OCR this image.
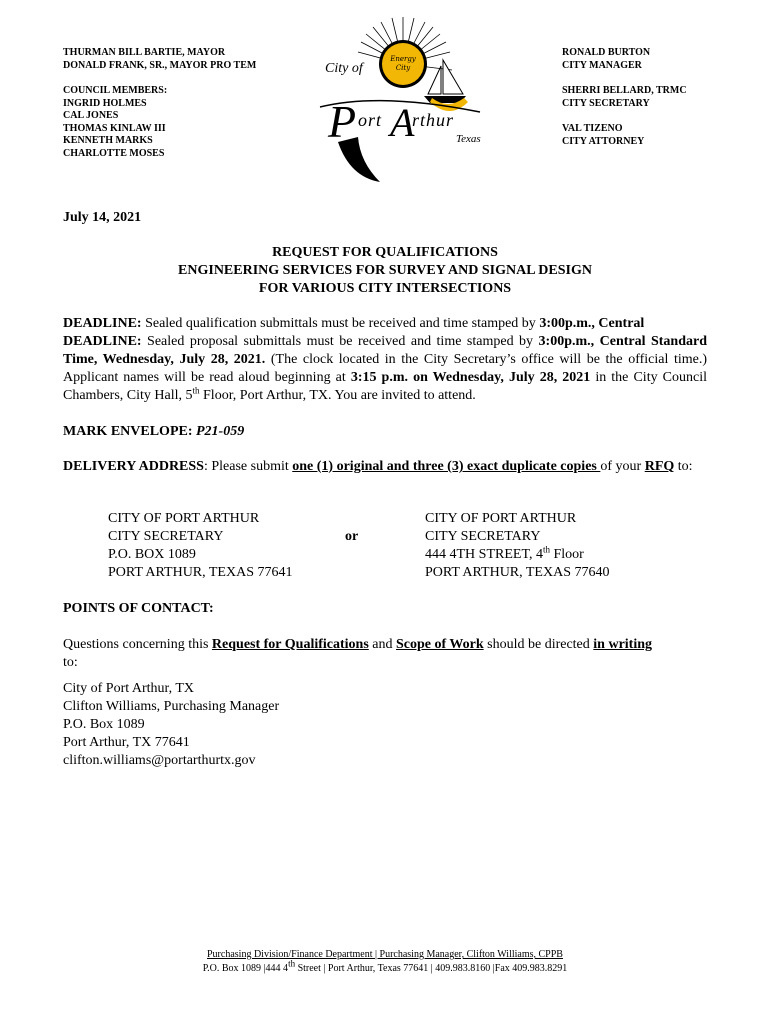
THURMAN BILL BARTIE, MAYOR
DONALD FRANK, SR., MAYOR PRO TEM
COUNCIL MEMBERS:
INGRID HOLMES
CAL JONES
THOMAS KINLAW III
KENNETH MARKS
CHARLOTTE MOSES
RONALD BURTON
CITY MANAGER
SHERRI BELLARD, TRMC
CITY SECRETARY
VAL TIZENO
CITY ATTORNEY
Energy
City
City of
P ort A
rthur
Texas
July 14, 2021
REQUEST FOR QUALIFICATIONS
ENGINEERING SERVICES FOR SURVEY AND SIGNAL DESIGN
FOR VARIOUS CITY INTERSECTIONS
DEADLINE: Sealed qualification submittals must be received and time stamped by 3:00p.m., Central
DEADLINE: Sealed proposal submittals must be received and time stamped by 3:00p.m., Central Standard Time, Wednesday, July 28, 2021. (The clock located in the City Secretary’s office will be the official time.) Applicant names will be read aloud beginning at 3:15 p.m. on Wednesday, July 28, 2021 in the City Council Chambers, City Hall, 5th Floor, Port Arthur, TX. You are invited to attend.
MARK ENVELOPE: P21-059
DELIVERY ADDRESS: Please submit one (1) original and three (3) exact duplicate copies of your RFQ to:
CITY OF PORT ARTHUR
CITY SECRETARY
P.O. BOX 1089
PORT ARTHUR, TEXAS 77641
or
CITY OF PORT ARTHUR
CITY SECRETARY
444 4TH STREET, 4th Floor
PORT ARTHUR, TEXAS 77640
POINTS OF CONTACT:
Questions concerning this Request for Qualifications and Scope of Work should be directed in writing
to:
City of Port Arthur, TX
Clifton Williams, Purchasing Manager
P.O. Box 1089
Port Arthur, TX 77641
clifton.williams@portarthurtx.gov
Purchasing Division/Finance Department | Purchasing Manager, Clifton Williams, CPPB
P.O. Box 1089 |444 4th Street | Port Arthur, Texas 77641 | 409.983.8160 |Fax 409.983.8291
